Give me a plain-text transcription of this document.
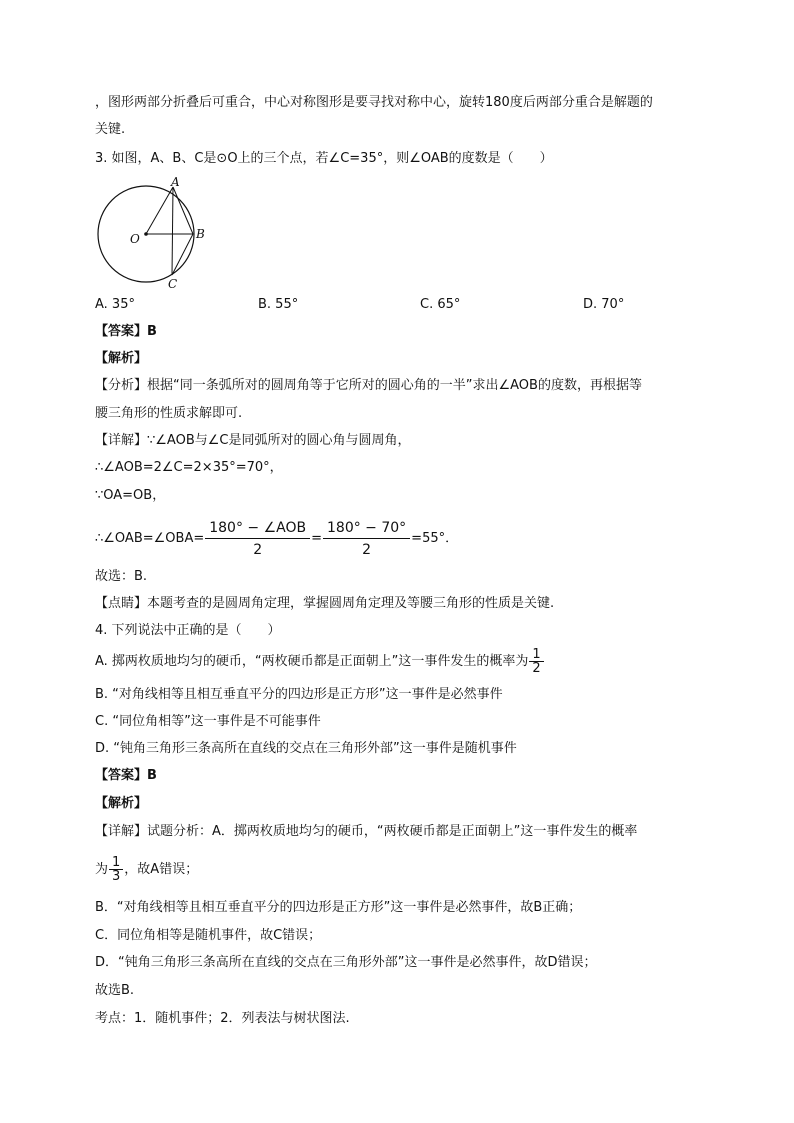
，图形两部分折叠后可重合，中心对称图形是要寻找对称中心，旋转180度后两部分重合是解题的
关键.
3. 如图，A、B、C是⊙O上的三个点，若∠C=35°，则∠OAB的度数是（　　）
A
B
C
O
A. 35°	B. 55°	C. 65°	D. 70°
【答案】B
【解析】
【分析】根据“同一条弧所对的圆周角等于它所对的圆心角的一半”求出∠AOB的度数，再根据等
腰三角形的性质求解即可.
【详解】∵∠AOB与∠C是同弧所对的圆心角与圆周角，
∴∠AOB=2∠C=2×35°=70°，
∵OA=OB，
∴∠OAB=∠OBA= $\frac{\text{180° − ∠AOB}}{2} = \frac{180^\circ - 70^\circ}{2} =55^\circ$．
故选：B.
【点睛】本题考查的是圆周角定理，掌握圆周角定理及等腰三角形的性质是关键.
4. 下列说法中正确的是（　　）
A. 掷两枚质地均匀的硬币，“两枚硬币都是正面朝上”这一事件发生的概率为 $\frac{1}{2}$
B. “对角线相等且相互垂直平分的四边形是正方形”这一事件是必然事件
C. “同位角相等”这一事件是不可能事件
D. “钝角三角形三条高所在直线的交点在三角形外部”这一事件是随机事件
【答案】B
【解析】
【详解】试题分析：A．掷两枚质地均匀的硬币，“两枚硬币都是正面朝上”这一事件发生的概率
为 $\frac{1}{3}$ ，故A错误；
B．“对角线相等且相互垂直平分的四边形是正方形”这一事件是必然事件，故B正确；
C．同位角相等是随机事件，故C错误；
D．“钝角三角形三条高所在直线的交点在三角形外部”这一事件是必然事件，故D错误；
故选B.
考点：1．随机事件；2．列表法与树状图法.
